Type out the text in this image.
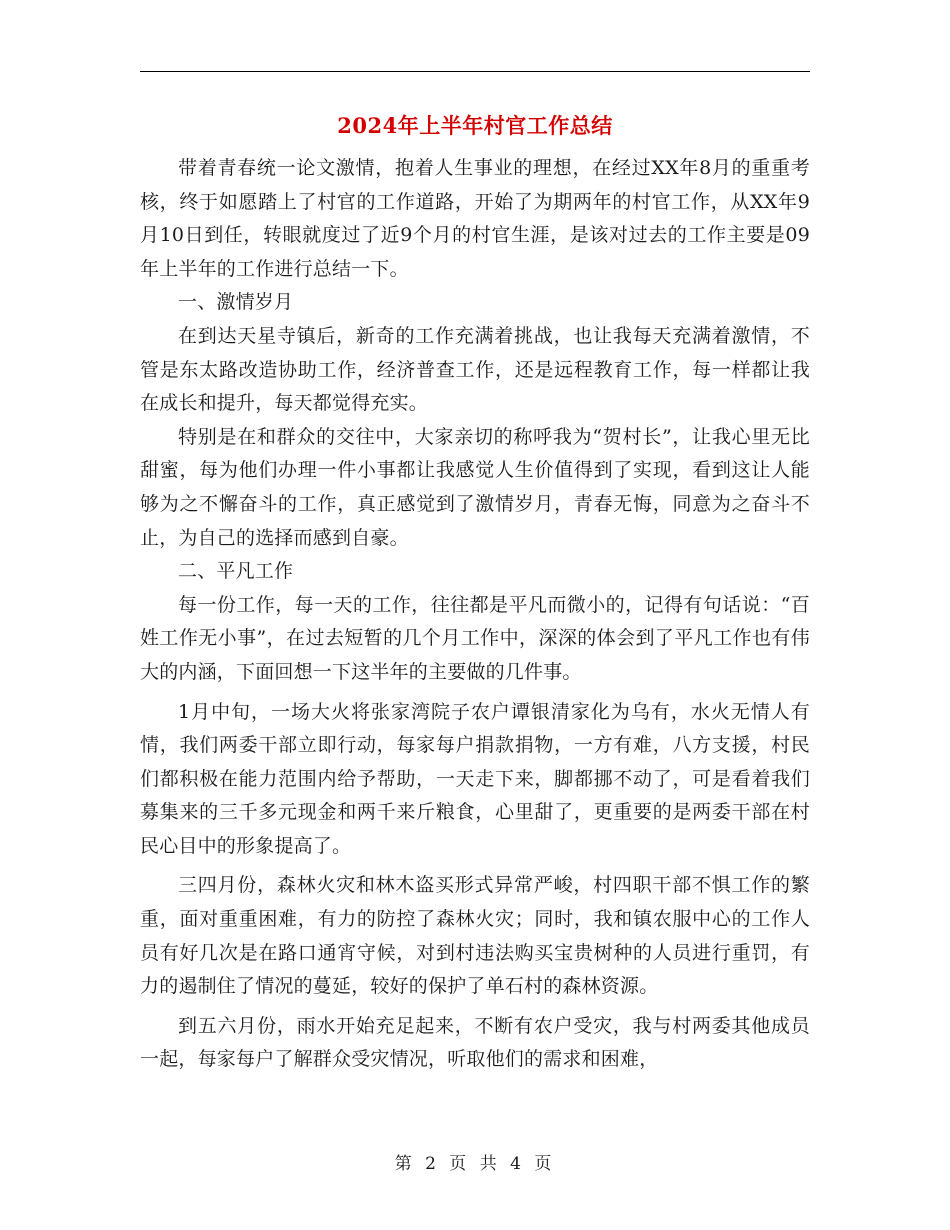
2024年上半年村官工作总结

带着青春统一论文激情，抱着人生事业的理想，在经过XX年8月的重重考核，终于如愿踏上了村官的工作道路，开始了为期两年的村官工作，从XX年9月10日到任，转眼就度过了近9个月的村官生涯，是该对过去的工作主要是09年上半年的工作进行总结一下。

一、激情岁月

在到达天星寺镇后，新奇的工作充满着挑战，也让我每天充满着激情，不管是东太路改造协助工作，经济普查工作，还是远程教育工作，每一样都让我在成长和提升，每天都觉得充实。

特别是在和群众的交往中，大家亲切的称呼我为“贺村长”，让我心里无比甜蜜，每为他们办理一件小事都让我感觉人生价值得到了实现，看到这让人能够为之不懈奋斗的工作，真正感觉到了激情岁月，青春无悔，同意为之奋斗不止，为自己的选择而感到自豪。

二、平凡工作

每一份工作，每一天的工作，往往都是平凡而微小的，记得有句话说：“百姓工作无小事”，在过去短暂的几个月工作中，深深的体会到了平凡工作也有伟大的内涵，下面回想一下这半年的主要做的几件事。

1月中旬，一场大火将张家湾院子农户谭银清家化为乌有，水火无情人有情，我们两委干部立即行动，每家每户捐款捐物，一方有难，八方支援，村民们都积极在能力范围内给予帮助，一天走下来，脚都挪不动了，可是看着我们募集来的三千多元现金和两千来斤粮食，心里甜了，更重要的是两委干部在村民心目中的形象提高了。

三四月份，森林火灾和林木盗买形式异常严峻，村四职干部不惧工作的繁重，面对重重困难，有力的防控了森林火灾；同时，我和镇农服中心的工作人员有好几次是在路口通宵守候，对到村违法购买宝贵树种的人员进行重罚，有力的遏制住了情况的蔓延，较好的保护了单石村的森林资源。

到五六月份，雨水开始充足起来，不断有农户受灾，我与村两委其他成员一起，每家每户了解群众受灾情况，听取他们的需求和困难，

第 2 页 共 4 页
